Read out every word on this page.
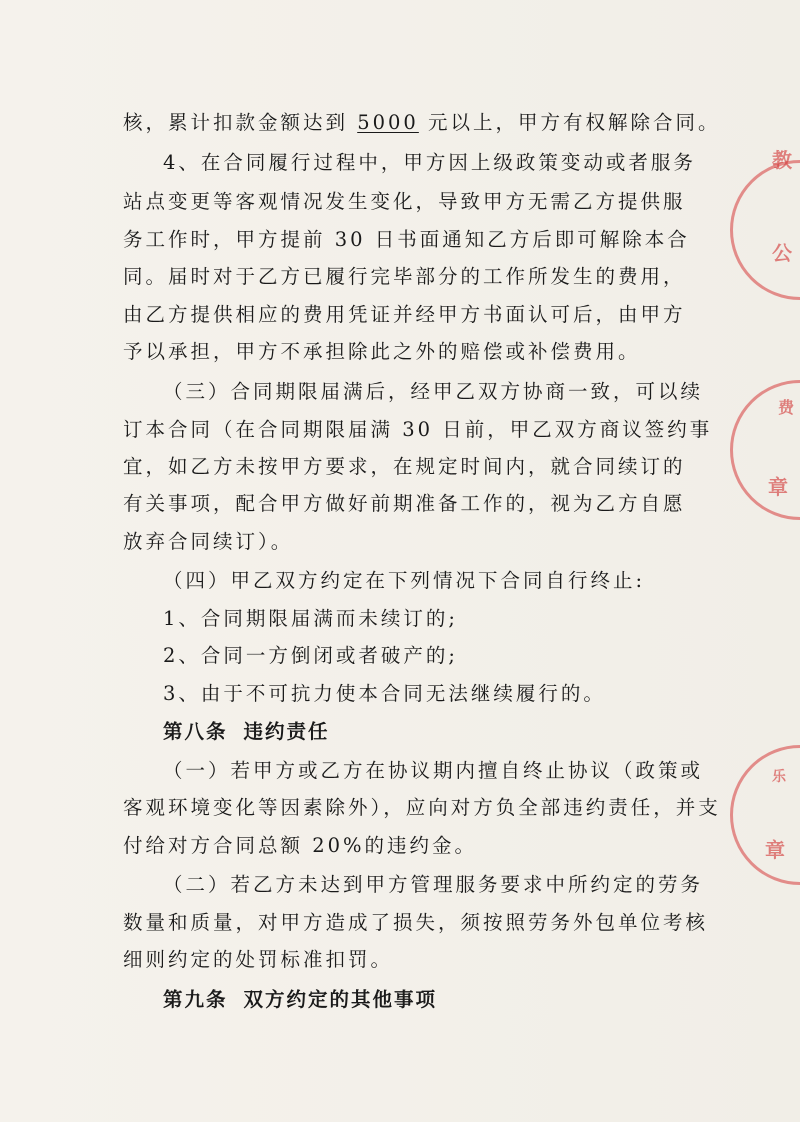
核，累计扣款金额达到 5000 元以上，甲方有权解除合同。
4、在合同履行过程中，甲方因上级政策变动或者服务
站点变更等客观情况发生变化，导致甲方无需乙方提供服
务工作时，甲方提前 30 日书面通知乙方后即可解除本合
同。届时对于乙方已履行完毕部分的工作所发生的费用，
由乙方提供相应的费用凭证并经甲方书面认可后，由甲方
予以承担，甲方不承担除此之外的赔偿或补偿费用。
（三）合同期限届满后，经甲乙双方协商一致，可以续
订本合同（在合同期限届满 30 日前，甲乙双方商议签约事
宜，如乙方未按甲方要求，在规定时间内，就合同续订的
有关事项，配合甲方做好前期准备工作的，视为乙方自愿
放弃合同续订）。
（四）甲乙双方约定在下列情况下合同自行终止:
1、合同期限届满而未续订的;
2、合同一方倒闭或者破产的;
3、由于不可抗力使本合同无法继续履行的。
第八条 违约责任
（一）若甲方或乙方在协议期内擅自终止协议（政策或
客观环境变化等因素除外），应向对方负全部违约责任，并支
付给对方合同总额 20%的违约金。
（二）若乙方未达到甲方管理服务要求中所约定的劳务
数量和质量，对甲方造成了损失，须按照劳务外包单位考核
细则约定的处罚标准扣罚。
第九条 双方约定的其他事项
教
公
费
章
乐
章
